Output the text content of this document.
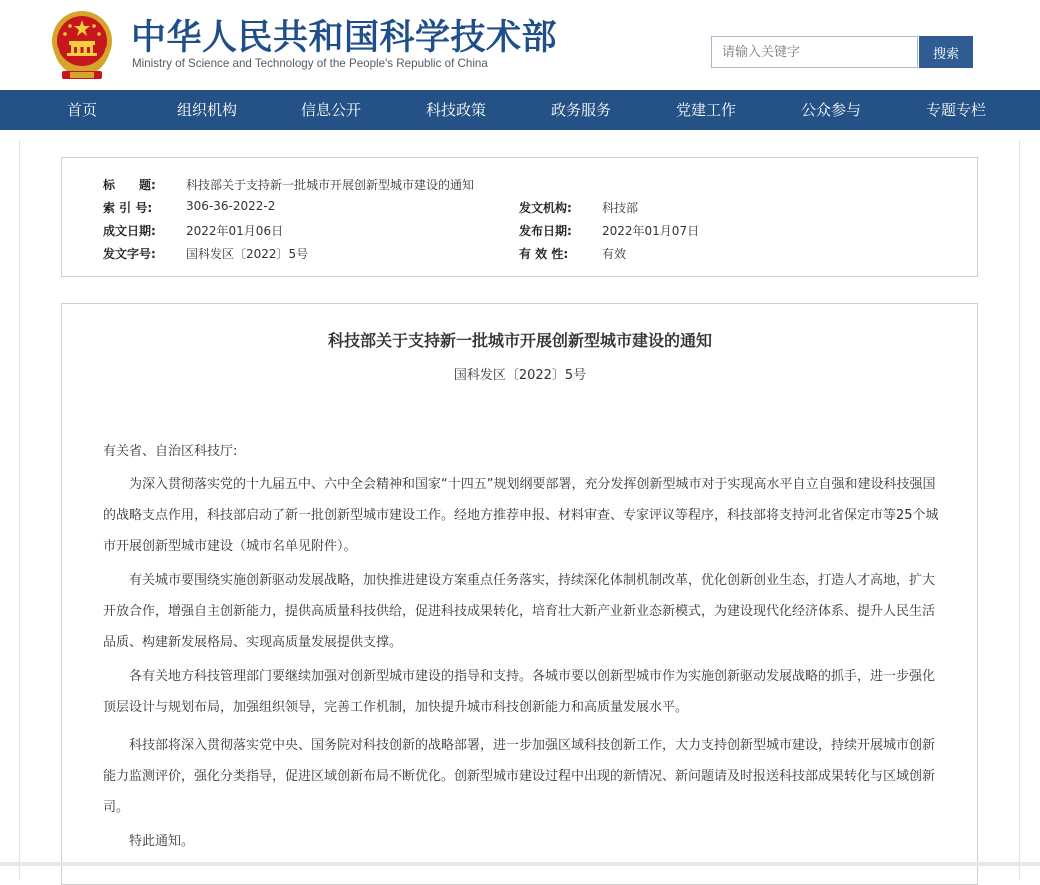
中华人民共和国科学技术部
Ministry of Science and Technology of the People's Republic of China
请输入关键字
搜索
首页	组织机构	信息公开	科技政策	政务服务	党建工作	公众参与	专题专栏
标　　题:	科技部关于支持新一批城市开展创新型城市建设的通知
索 引 号:	306-36-2022-2	发文机构:	科技部
成文日期:	2022年01月06日	发布日期:	2022年01月07日
发文字号:	国科发区〔2022〕5号	有 效 性:	有效
科技部关于支持新一批城市开展创新型城市建设的通知
国科发区〔2022〕5号
有关省、自治区科技厅:

为深入贯彻落实党的十九届五中、六中全会精神和国家“十四五”规划纲要部署，充分发挥创新型城市对于实现高水平自立自强和建设科技强国的战略支点作用，科技部启动了新一批创新型城市建设工作。经地方推荐申报、材料审查、专家评议等程序，科技部将支持河北省保定市等25个城市开展创新型城市建设（城市名单见附件）。

有关城市要围绕实施创新驱动发展战略，加快推进建设方案重点任务落实，持续深化体制机制改革，优化创新创业生态，打造人才高地，扩大开放合作，增强自主创新能力，提供高质量科技供给，促进科技成果转化，培育壮大新产业新业态新模式，为建设现代化经济体系、提升人民生活品质、构建新发展格局、实现高质量发展提供支撑。

各有关地方科技管理部门要继续加强对创新型城市建设的指导和支持。各城市要以创新型城市作为实施创新驱动发展战略的抓手，进一步强化顶层设计与规划布局，加强组织领导，完善工作机制，加快提升城市科技创新能力和高质量发展水平。

科技部将深入贯彻落实党中央、国务院对科技创新的战略部署，进一步加强区域科技创新工作，大力支持创新型城市建设，持续开展城市创新能力监测评价，强化分类指导，促进区域创新布局不断优化。创新型城市建设过程中出现的新情况、新问题请及时报送科技部成果转化与区域创新司。

特此通知。
